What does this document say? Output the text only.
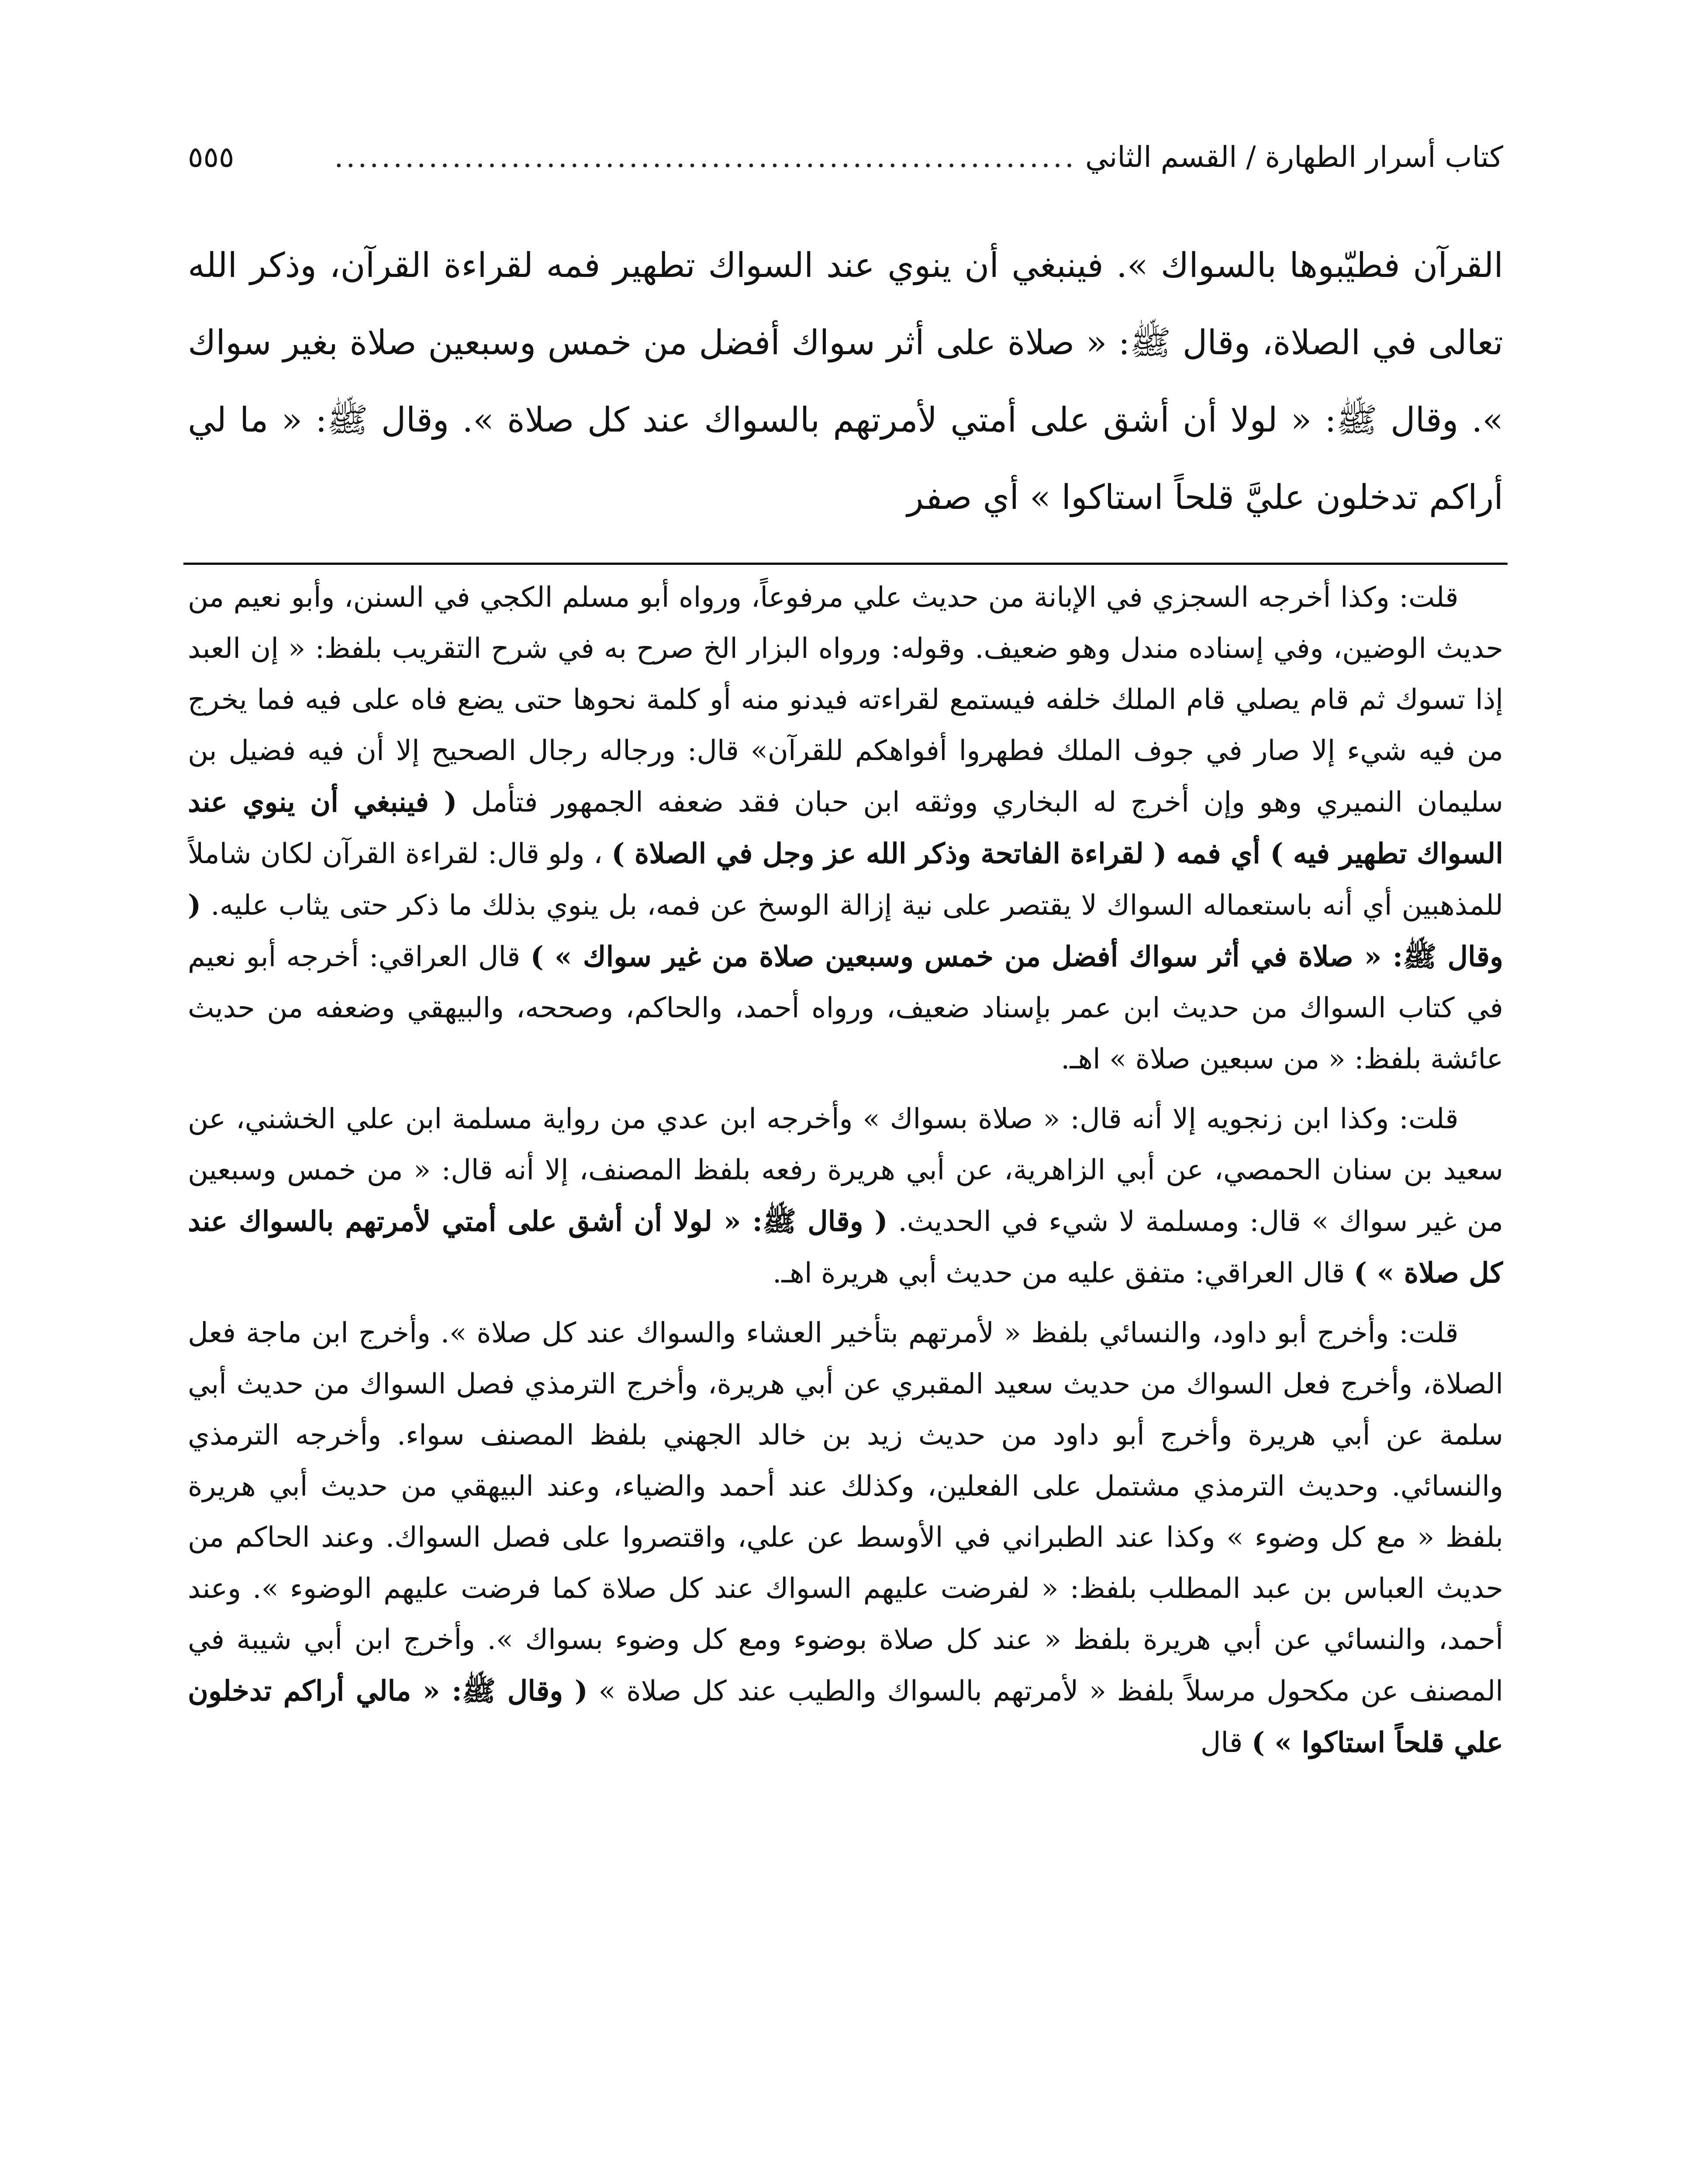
كتاب أسرار الطهارة / القسم الثاني
...............................................................
٥٥٥

القرآن فطيّبوها بالسواك ». فينبغي أن ينوي عند السواك تطهير فمه لقراءة القرآن، وذكر الله تعالى في الصلاة، وقال ﷺ: « صلاة على أثر سواك أفضل من خمس وسبعين صلاة بغير سواك ». وقال ﷺ: « لولا أن أشق على أمتي لأمرتهم بالسواك عند كل صلاة ». وقال ﷺ: « ما لي أراكم تدخلون عليَّ قلحاً استاكوا » أي صفر

قلت: وكذا أخرجه السجزي في الإبانة من حديث علي مرفوعاً، ورواه أبو مسلم الكجي في السنن، وأبو نعيم من حديث الوضين، وفي إسناده مندل وهو ضعيف. وقوله: ورواه البزار الخ صرح به في شرح التقريب بلفظ: « إن العبد إذا تسوك ثم قام يصلي قام الملك خلفه فيستمع لقراءته فيدنو منه أو كلمة نحوها حتى يضع فاه على فيه فما يخرج من فيه شيء إلا صار في جوف الملك فطهروا أفواهكم للقرآن» قال: ورجاله رجال الصحيح إلا أن فيه فضيل بن سليمان النميري وهو وإن أخرج له البخاري ووثقه ابن حبان فقد ضعفه الجمهور فتأمل ( فينبغي أن ينوي عند السواك تطهير فيه ) أي فمه ( لقراءة الفاتحة وذكر الله عز وجل في الصلاة ) ، ولو قال: لقراءة القرآن لكان شاملاً للمذهبين أي أنه باستعماله السواك لا يقتصر على نية إزالة الوسخ عن فمه، بل ينوي بذلك ما ذكر حتى يثاب عليه. ( وقال ﷺ: « صلاة في أثر سواك أفضل من خمس وسبعين صلاة من غير سواك » ) قال العراقي: أخرجه أبو نعيم في كتاب السواك من حديث ابن عمر بإسناد ضعيف، ورواه أحمد، والحاكم، وصححه، والبيهقي وضعفه من حديث عائشة بلفظ: « من سبعين صلاة » اهـ.

قلت: وكذا ابن زنجويه إلا أنه قال: « صلاة بسواك » وأخرجه ابن عدي من رواية مسلمة ابن علي الخشني، عن سعيد بن سنان الحمصي، عن أبي الزاهرية، عن أبي هريرة رفعه بلفظ المصنف، إلا أنه قال: « من خمس وسبعين من غير سواك » قال: ومسلمة لا شيء في الحديث. ( وقال ﷺ: « لولا أن أشق على أمتي لأمرتهم بالسواك عند كل صلاة » ) قال العراقي: متفق عليه من حديث أبي هريرة اهـ.

قلت: وأخرج أبو داود، والنسائي بلفظ « لأمرتهم بتأخير العشاء والسواك عند كل صلاة ». وأخرج ابن ماجة فعل الصلاة، وأخرج فعل السواك من حديث سعيد المقبري عن أبي هريرة، وأخرج الترمذي فصل السواك من حديث أبي سلمة عن أبي هريرة وأخرج أبو داود من حديث زيد بن خالد الجهني بلفظ المصنف سواء. وأخرجه الترمذي والنسائي. وحديث الترمذي مشتمل على الفعلين، وكذلك عند أحمد والضياء، وعند البيهقي من حديث أبي هريرة بلفظ « مع كل وضوء » وكذا عند الطبراني في الأوسط عن علي، واقتصروا على فصل السواك. وعند الحاكم من حديث العباس بن عبد المطلب بلفظ: « لفرضت عليهم السواك عند كل صلاة كما فرضت عليهم الوضوء ». وعند أحمد، والنسائي عن أبي هريرة بلفظ « عند كل صلاة بوضوء ومع كل وضوء بسواك ». وأخرج ابن أبي شيبة في المصنف عن مكحول مرسلاً بلفظ « لأمرتهم بالسواك والطيب عند كل صلاة » ( وقال ﷺ: « مالي أراكم تدخلون علي قلحاً استاكوا » ) قال
